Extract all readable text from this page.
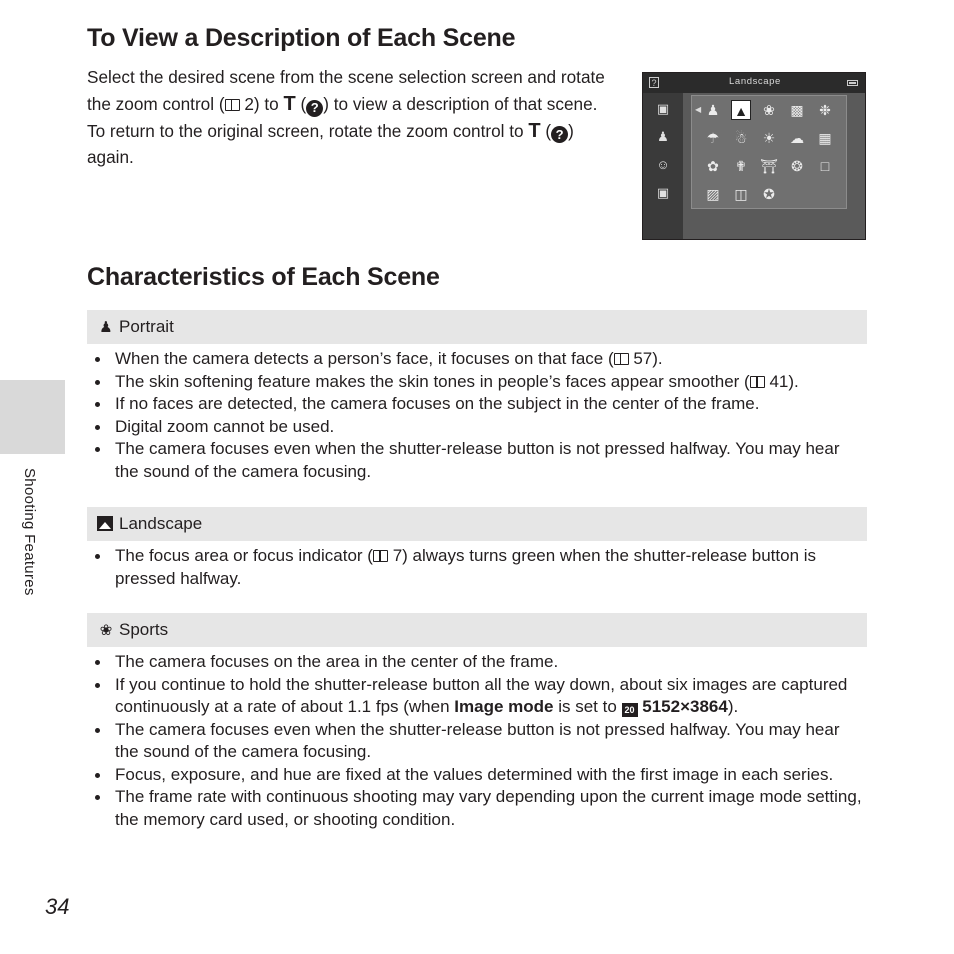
To View a Description of Each Scene

Select the desired scene from the scene selection screen and rotate the zoom control ( 2) to T ( ? ) to view a description of that scene. To return to the original screen, rotate the zoom control to T ( ? ) again.

?	Landscape
▣
♟
☺
▣
◀ ♟ ▲ ❀ ▩ ❉
☂ ☃ ☀ ☁ ▦
✿ ✟ ⛩ ❂	□
▨ ◫ ✪
Characteristics of Each Scene
Shooting Features
♟ Portrait
When the camera detects a person’s face, it focuses on that face ( 57).
The skin softening feature makes the skin tones in people’s faces appear smoother ( 41).
If no faces are detected, the camera focuses on the subject in the center of the frame.
Digital zoom cannot be used.
The camera focuses even when the shutter-release button is not pressed halfway. You may hear the sound of the camera focusing.
Landscape
The focus area or focus indicator ( 7) always turns green when the shutter-release button is pressed halfway.
❀ Sports
The camera focuses on the area in the center of the frame.
If you continue to hold the shutter-release button all the way down, about six images are captured continuously at a rate of about 1.1 fps (when Image mode is set to 20 5152×3864).
The camera focuses even when the shutter-release button is not pressed halfway. You may hear the sound of the camera focusing.
Focus, exposure, and hue are fixed at the values determined with the first image in each series.
The frame rate with continuous shooting may vary depending upon the current image mode setting, the memory card used, or shooting condition.
34
